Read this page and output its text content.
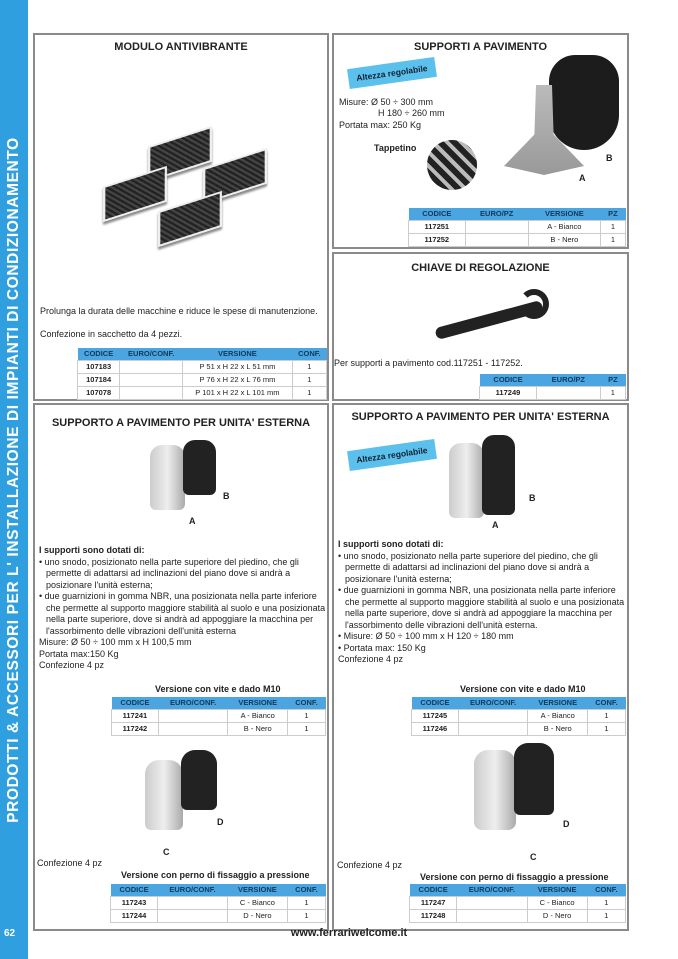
PRODOTTI & ACCESSORI PER L' INSTALLAZIONE DI IMPIANTI DI CONDIZIONAMENTO
62
MODULO ANTIVIBRANTE
Prolunga la durata delle macchine e riduce le spese di manutenzione.
Confezione in sacchetto da 4 pezzi.
CODICE	EURO/CONF.	VERSIONE	CONF.
107183		P 51 x H 22 x L 51 mm	1
107184		P 76 x H 22 x L 76 mm	1
107078		P 101 x H 22 x L 101 mm	1
SUPPORTI A PAVIMENTO
Altezza regolabile
Misure: Ø 50 ÷ 300 mm
H 180 ÷ 260 mm
Portata max: 250 Kg
Tappetino
B
A
CODICE	EURO/PZ	VERSIONE	PZ
117251		A - Bianco	1
117252		B - Nero	1
CHIAVE DI REGOLAZIONE
Per supporti a pavimento cod.117251 - 117252.
CODICE	EURO/PZ	PZ
117249		1
SUPPORTO A PAVIMENTO PER UNITA' ESTERNA
B
A
I supporti sono dotati di:
• uno snodo, posizionato nella parte superiore del piedino, che gli permette di adattarsi ad inclinazioni del piano dove si andrà a posizionare l'unità esterna;
• due guarnizioni in gomma NBR, una posizionata nella parte inferiore che permette al supporto maggiore stabilità al suolo e una posizionata nella parte superiore, dove si andrà ad appoggiare la macchina per l'assorbimento delle vibrazioni dell'unità esterna
Misure: Ø 50 ÷ 100 mm x H 100,5 mm
Portata max:150 Kg
Confezione 4 pz
Versione con vite e dado M10
CODICE	EURO/CONF.	VERSIONE	CONF.
117241		A - Bianco	1
117242		B - Nero	1
D
C
Confezione 4 pz
Versione con perno di fissaggio a pressione
CODICE	EURO/CONF.	VERSIONE	CONF.
117243		C - Bianco	1
117244		D - Nero	1
SUPPORTO A PAVIMENTO PER UNITA' ESTERNA
Altezza regolabile
B
A
I supporti sono dotati di:
• uno snodo, posizionato nella parte superiore del piedino, che gli permette di adattarsi ad inclinazioni del piano dove si andrà a posizionare l'unità esterna;
• due guarnizioni in gomma NBR, una posizionata nella parte inferiore che permette al supporto maggiore stabilità al suolo e una posizionata nella parte superiore, dove si andrà ad appoggiare la macchina per l'assorbimento delle vibrazioni dell'unità esterna.
• Misure: Ø 50 ÷ 100 mm x H 120 ÷ 180 mm
• Portata max: 150 Kg
Confezione 4 pz
Versione con vite e dado M10
CODICE	EURO/CONF.	VERSIONE	CONF.
117245		A - Bianco	1
117246		B - Nero	1
D
C
Confezione 4 pz
Versione con perno di fissaggio a pressione
CODICE	EURO/CONF.	VERSIONE	CONF.
117247		C - Bianco	1
117248		D - Nero	1
www.ferrariwelcome.it
